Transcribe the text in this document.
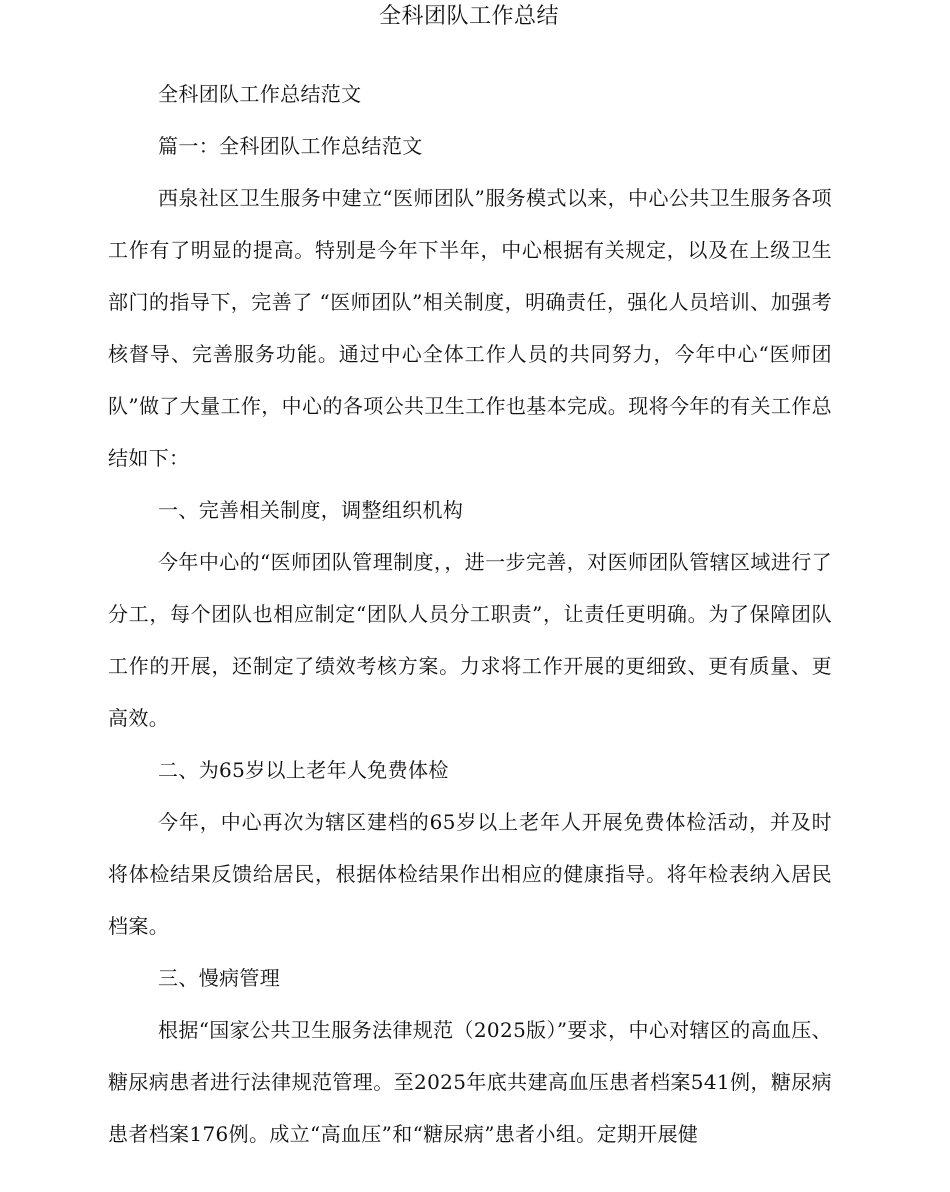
全科团队工作总结

全科团队工作总结范文

篇一：全科团队工作总结范文

西泉社区卫生服务中建立“医师团队”服务模式以来，中心公共卫生服务各项工作有了明显的提高。特别是今年下半年，中心根据有关规定，以及在上级卫生部门的指导下，完善了 “医师团队”相关制度，明确责任，强化人员培训、加强考核督导、完善服务功能。通过中心全体工作人员的共同努力，今年中心“医师团队”做了大量工作，中心的各项公共卫生工作也基本完成。现将今年的有关工作总结如下：

一、完善相关制度，调整组织机构

今年中心的“医师团队管理制度，，进一步完善，对医师团队管辖区域进行了分工，每个团队也相应制定“团队人员分工职责”，让责任更明确。为了保障团队工作的开展，还制定了绩效考核方案。力求将工作开展的更细致、更有质量、更高效。

二、为65岁以上老年人免费体检

今年，中心再次为辖区建档的65岁以上老年人开展免费体检活动，并及时将体检结果反馈给居民，根据体检结果作出相应的健康指导。将年检表纳入居民档案。

三、慢病管理

根据“国家公共卫生服务法律规范（2025版）”要求，中心对辖区的高血压、糖尿病患者进行法律规范管理。至2025年底共建高血压患者档案541例，糖尿病患者档案176例。成立“高血压”和“糖尿病”患者小组。定期开展健
